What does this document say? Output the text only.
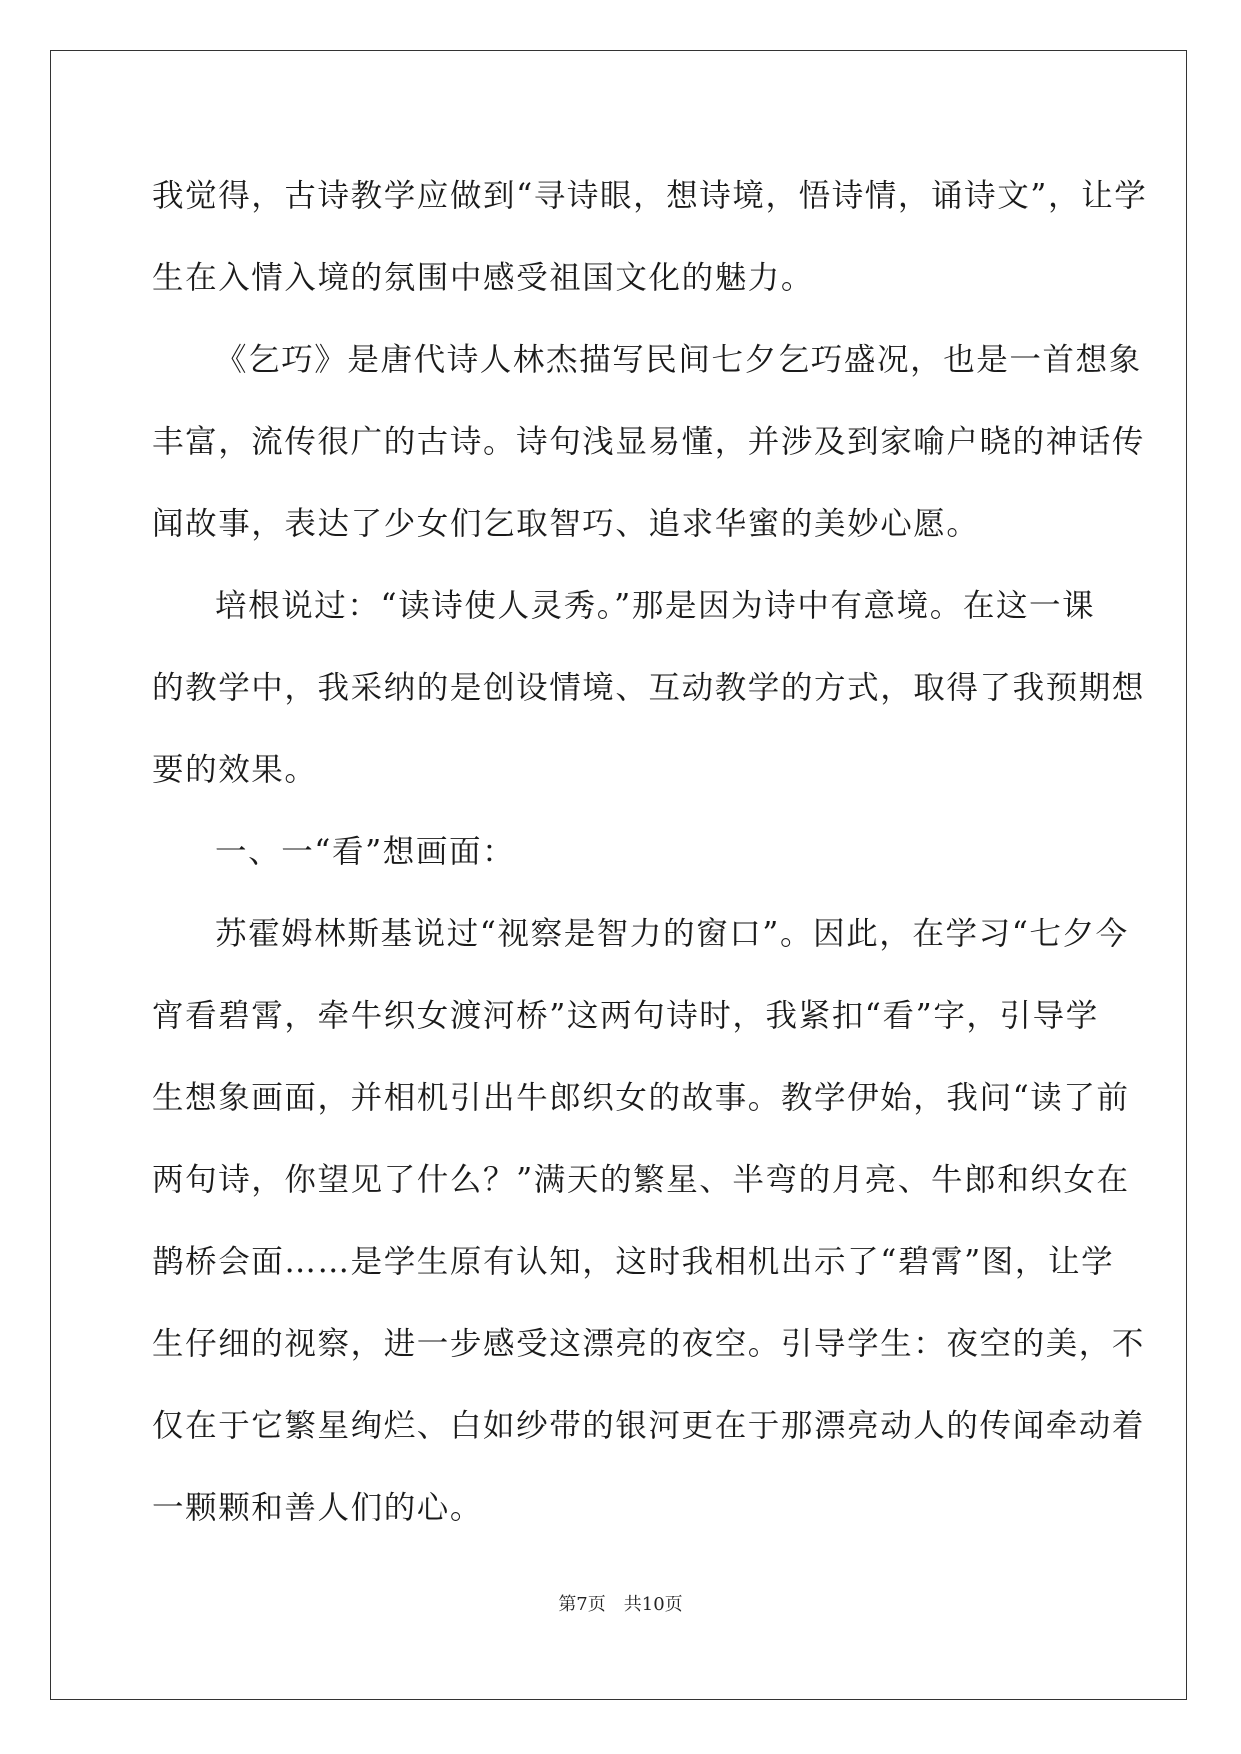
我觉得，古诗教学应做到“寻诗眼，想诗境，悟诗情，诵诗文”，让学
生在入情入境的氛围中感受祖国文化的魅力。
《乞巧》是唐代诗人林杰描写民间七夕乞巧盛况，也是一首想象
丰富，流传很广的古诗。诗句浅显易懂，并涉及到家喻户晓的神话传
闻故事，表达了少女们乞取智巧、追求华蜜的美妙心愿。
培根说过：“读诗使人灵秀。”那是因为诗中有意境。在这一课
的教学中，我采纳的是创设情境、互动教学的方式，取得了我预期想
要的效果。
一、一“看”想画面：
苏霍姆林斯基说过“视察是智力的窗口”。因此，在学习“七夕今
宵看碧霄，牵牛织女渡河桥”这两句诗时，我紧扣“看”字，引导学
生想象画面，并相机引出牛郎织女的故事。教学伊始，我问“读了前
两句诗，你望见了什么？”满天的繁星、半弯的月亮、牛郎和织女在
鹊桥会面……是学生原有认知，这时我相机出示了“碧霄”图，让学
生仔细的视察，进一步感受这漂亮的夜空。引导学生：夜空的美，不
仅在于它繁星绚烂、白如纱带的银河更在于那漂亮动人的传闻牵动着
一颗颗和善人们的心。
第7页　共10页
